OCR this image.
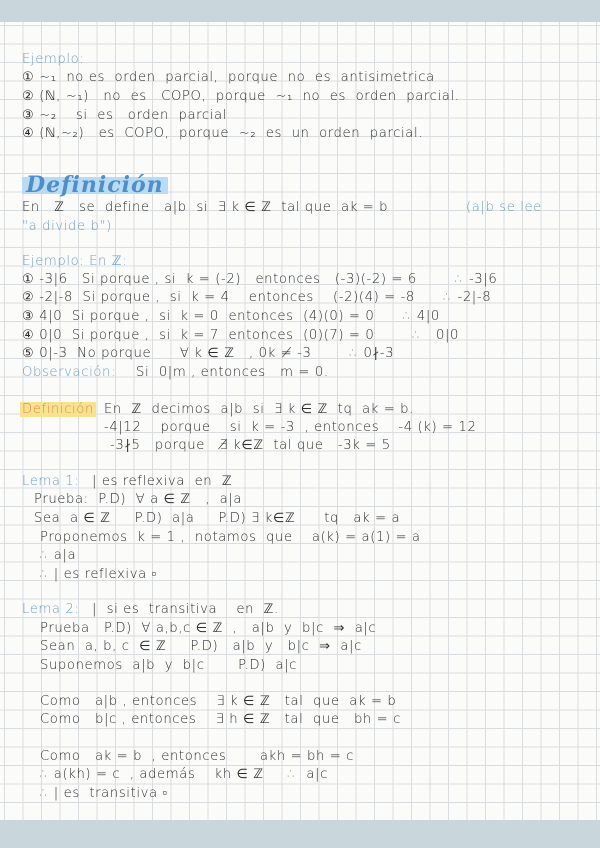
Ejemplo:
① ~₁  no es  orden  parcial,  porque  no  es  antisimetrica
② (ℕ, ~₁)   no  es   COPO,  porque  ~₁  no  es  orden  parcial.
③ ~₂    si  es   orden  parcial
④ (ℕ,~₂)   es  COPO,  porque  ~₂  es  un  orden  parcial.
Definición
En   ℤ   se  define   a|b  si  ∃ k ∈ ℤ  tal que  ak = b	(a|b se lee
"a divide b")
Ejemplo: En ℤ:
① -3|6   Si porque , si  k = (-2)   entonces   (-3)(-2) = 6        ∴ -3|6
② -2|-8  Si porque ,  si  k = 4    entonces    (-2)(4) = -8      ∴ -2|-8
③ 4|0  Si porque ,  si  k = 0  entonces  (4)(0) = 0      ∴ 4|0
④ 0|0  Si porque ,  si  k = 7  entonces  (0)(7) = 0        ∴   0|0
⑤ 0|-3  No porque      ∀ k ∈ ℤ   , 0k ≠ -3        ∴ 0∤-3
Observación: Si  0|m , entonces   m = 0.
Definición En  ℤ  decimos  a|b  si  ∃ k ∈ ℤ  tq  ak = b.
-4|12    porque    si  k = -3  , entonces    -4 (k) = 12
-3∤5   porque   ∄ k∈ℤ  tal que   -3k = 5
Lema 1: | es reflexiva  en  ℤ
Prueba:  P.D)  ∀ a ∈ ℤ   ,  a|a
Sea  a ∈ ℤ     P.D)  a|a     P.D) ∃ k∈ℤ      tq   ak = a
Proponemos  k = 1 ,  notamos  que    a(k) = a(1) = a
∴ a|a
∴ | es reflexiva ▫
Lema 2: |  si es  transitiva    en  ℤ.
Prueba   P.D)  ∀ a,b,c ∈ ℤ  ,   a|b  y  b|c  ⇒  a|c
Sean  a, b, c  ∈ ℤ     P.D)   a|b  y   b|c  ⇒  a|c
Suponemos  a|b  y  b|c       P.D)  a|c
Como   a|b , entonces    ∃ k ∈ ℤ   tal  que  ak = b
Como   b|c , entonces    ∃ h ∈ ℤ   tal  que   bh = c
Como   ak = b  , entonces       akh = bh = c
∴ a(kh) = c  , además    kh ∈ ℤ     ∴  a|c
∴ | es  transitiva ▫
